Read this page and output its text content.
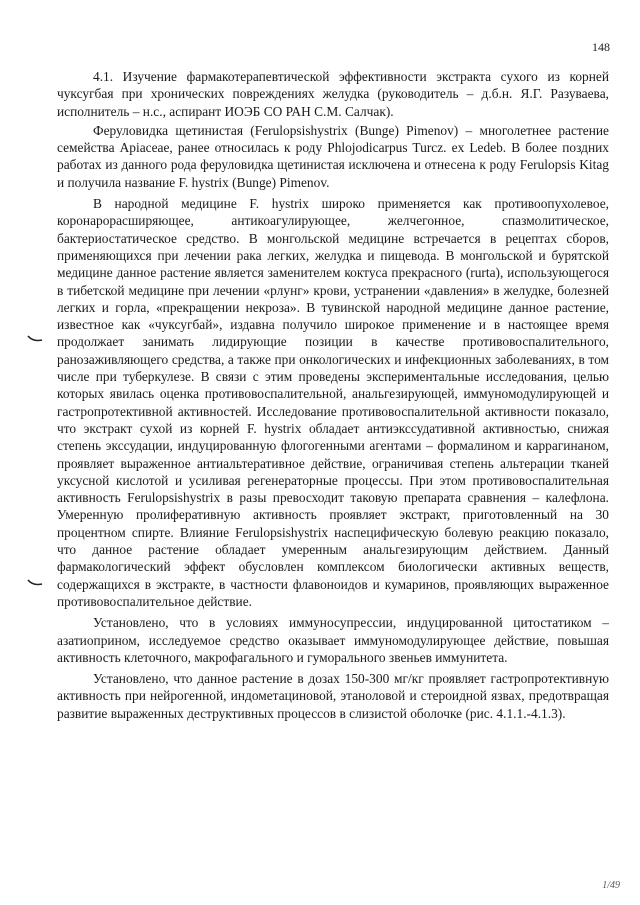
148

4.1. Изучение фармакотерапевтической эффективности экстракта сухого из корней чуксугбая при хронических повреждениях желудка (руководитель – д.б.н. Я.Г. Разуваева, исполнитель – н.с., аспирант ИОЭБ СО РАН С.М. Салчак).

Феруловидка щетинистая (Ferulopsishystrix (Bunge) Pimenov) – многолетнее растение семейства Apiaceae, ранее относилась к роду Phlojodicarpus Turcz. ex Ledeb. В более поздних работах из данного рода феруловидка щетинистая исключена и отнесена к роду Ferulopsis Kitag и получила название F. hystrix (Bunge) Pimenov.

В народной медицине F. hystrix широко применяется как противоопухолевое, коронарорасширяющее, антикоагулирующее, желчегонное, спазмолитическое, бактериостатическое средство. В монгольской медицине встречается в рецептах сборов, применяющихся при лечении рака легких, желудка и пищевода. В монгольской и бурятской медицине данное растение является заменителем коктуса прекрасного (rurta), использующегося в тибетской медицине при лечении «рлунг» крови, устранении «давления» в желудке, болезней легких и горла, «прекращении некроза». В тувинской народной медицине данное растение, известное как «чуксугбай», издавна получило широкое применение и в настоящее время продолжает занимать лидирующие позиции в качестве противовоспалительного, ранозаживляющего средства, а также при онкологических и инфекционных заболеваниях, в том числе при туберкулезе. В связи с этим проведены экспериментальные исследования, целью которых явилась оценка противовоспалительной, анальгезирующей, иммуномодулирующей и гастропротективной активностей. Исследование противовоспалительной активности показало, что экстракт сухой из корней F. hystrix обладает антиэкссудативной активностью, снижая степень экссудации, индуцированную флогогенными агентами – формалином и каррагинаном, проявляет выраженное антиальтеративное действие, ограничивая степень альтерации тканей уксусной кислотой и усиливая регенераторные процессы. При этом противовоспалительная активность Ferulopsishystrix в разы превосходит таковую препарата сравнения – калефлона. Умеренную пролиферативную активность проявляет экстракт, приготовленный на 30 процентном спирте. Влияние Ferulopsishystrix наспецифическую болевую реакцию показало, что данное растение обладает умеренным анальгезирующим действием. Данный фармакологический эффект обусловлен комплексом биологически активных веществ, содержащихся в экстракте, в частности флавоноидов и кумаринов, проявляющих выраженное противовоспалительное действие.

Установлено, что в условиях иммуносупрессии, индуцированной цитостатиком – азатиоприном, исследуемое средство оказывает иммуномодулирующее действие, повышая активность клеточного, макрофагального и гуморального звеньев иммунитета.

Установлено, что данное растение в дозах 150-300 мг/кг проявляет гастропротективную активность при нейрогенной, индометациновой, этаноловой и стероидной язвах, предотвращая развитие выраженных деструктивных процессов в слизистой оболочке (рис. 4.1.1.-4.1.3).

1/49
